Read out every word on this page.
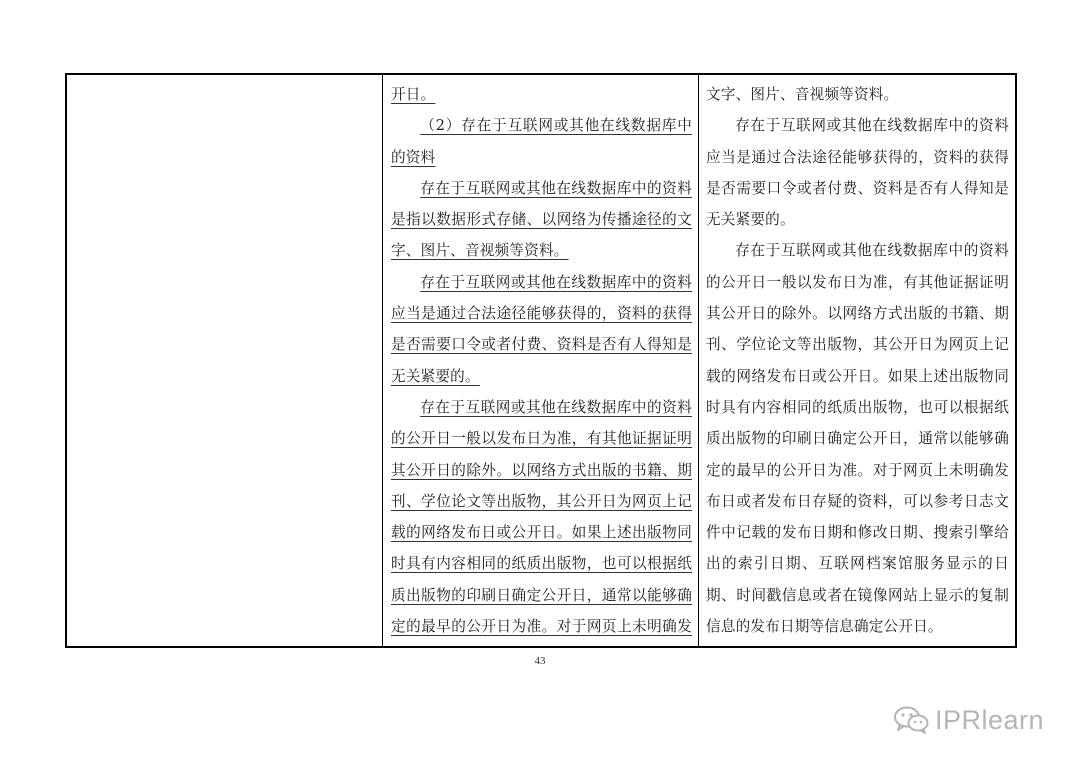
开日。

（2）存在于互联网或其他在线数据库中的资料

存在于互联网或其他在线数据库中的资料是指以数据形式存储、以网络为传播途径的文字、图片、音视频等资料。

存在于互联网或其他在线数据库中的资料应当是通过合法途径能够获得的，资料的获得是否需要口令或者付费、资料是否有人得知是无关紧要的。

存在于互联网或其他在线数据库中的资料的公开日一般以发布日为准，有其他证据证明其公开日的除外。以网络方式出版的书籍、期刊、学位论文等出版物，其公开日为网页上记载的网络发布日或公开日。如果上述出版物同时具有内容相同的纸质出版物，也可以根据纸质出版物的印刷日确定公开日，通常以能够确定的最早的公开日为准。对于网页上未明确发

文字、图片、音视频等资料。

存在于互联网或其他在线数据库中的资料应当是通过合法途径能够获得的，资料的获得是否需要口令或者付费、资料是否有人得知是无关紧要的。

存在于互联网或其他在线数据库中的资料的公开日一般以发布日为准，有其他证据证明其公开日的除外。以网络方式出版的书籍、期刊、学位论文等出版物，其公开日为网页上记载的网络发布日或公开日。如果上述出版物同时具有内容相同的纸质出版物，也可以根据纸质出版物的印刷日确定公开日，通常以能够确定的最早的公开日为准。对于网页上未明确发布日或者发布日存疑的资料，可以参考日志文件中记载的发布日期和修改日期、搜索引擎给出的索引日期、互联网档案馆服务显示的日期、时间戳信息或者在镜像网站上显示的复制信息的发布日期等信息确定公开日。

43
IPRlearn
